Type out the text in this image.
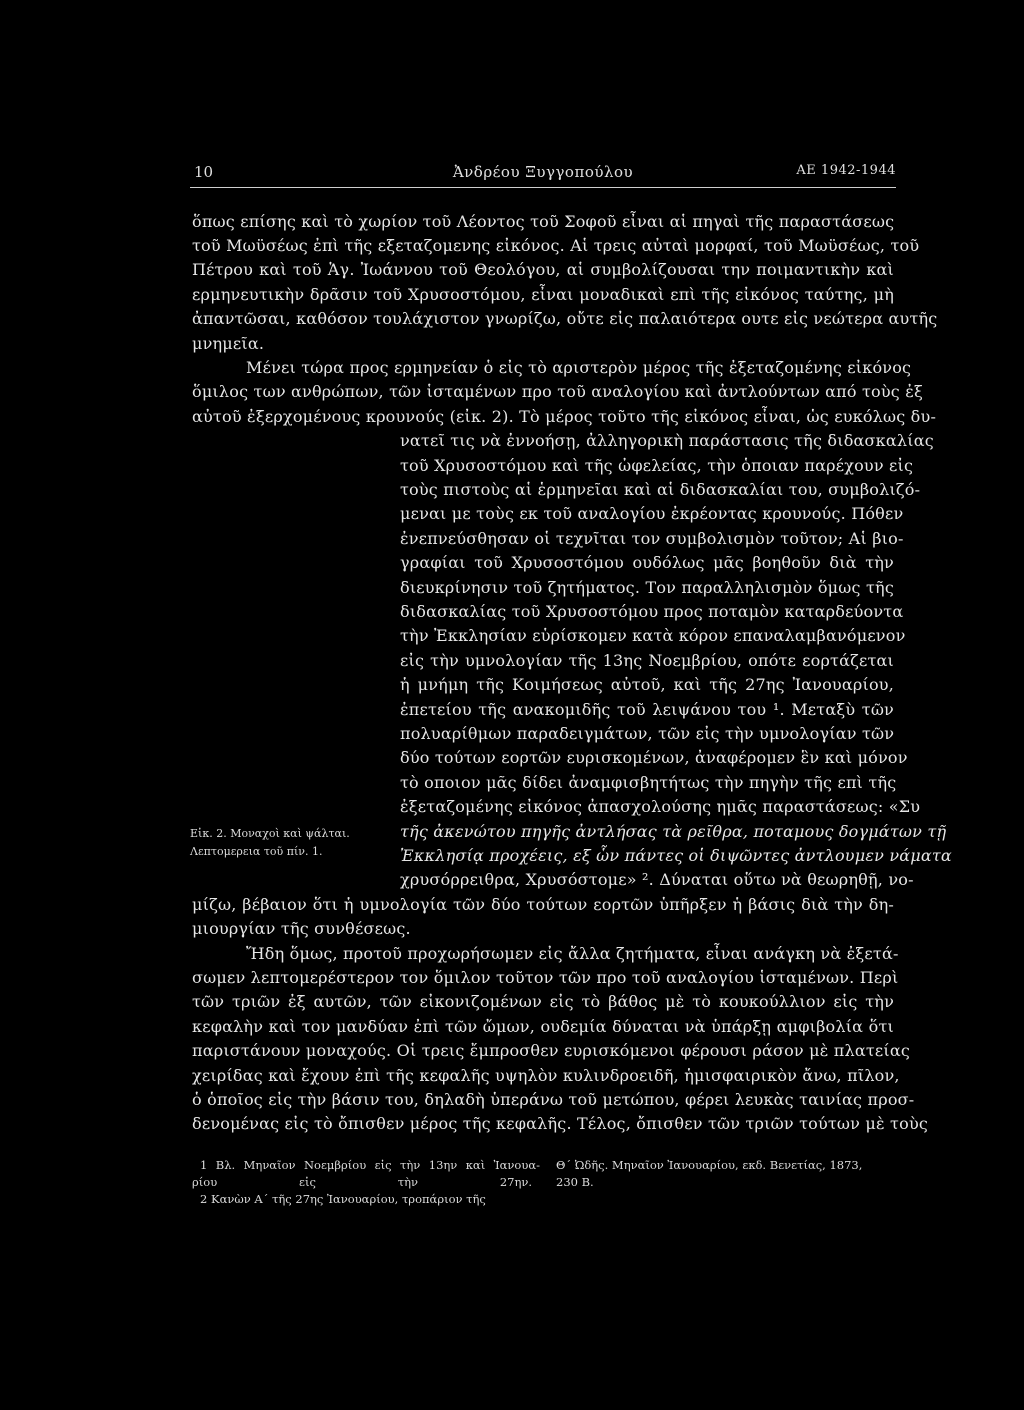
Ἀνδρέου Ξυγγοπούλου
10	ΑΕ 1942-1944
ὅπως επίσης καὶ τὸ χωρίον τοῦ Λέοντος τοῦ Σοφοῦ εἶναι αἱ πηγαὶ τῆς παραστάσεως
τοῦ Μωϋσέως ἐπὶ τῆς εξεταζομενης εἰκόνος. Αἱ τρεις αὐταὶ μορφαί, τοῦ Μωϋσέως, τοῦ
Πέτρου καὶ τοῦ Ἁγ. Ἰωάννου τοῦ Θεολόγου, αἱ συμβολίζουσαι την ποιμαντικὴν καὶ
ερμηνευτικὴν δρᾶσιν τοῦ Χρυσοστόμου, εἶναι μοναδικαὶ επὶ τῆς εἰκόνος ταύτης, μὴ
ἀπαντῶσαι, καθόσον τουλάχιστον γνωρίζω, οὔτε εἰς παλαιότερα ουτε εἰς νεώτερα αυτῆς
μνημεῖα.
Μένει τώρα προς ερμηνείαν ὁ εἰς τὸ αριστερὸν μέρος τῆς ἐξεταζομένης εἰκόνος
ὅμιλος των ανθρώπων, τῶν ἱσταμένων προ τοῦ αναλογίου καὶ ἀντλούντων από τοὺς ἐξ
αὐτοῦ ἐξερχομένους κρουνούς (εἰκ. 2). Τὸ μέρος τοῦτο τῆς εἰκόνος εἶναι, ὡς ευκόλως δυ-
νατεῖ τις νὰ ἐννοήσῃ, ἀλληγορικὴ παράστασις τῆς διδασκαλίας
τοῦ Χρυσοστόμου καὶ τῆς ὠφελείας, τὴν ὁποιαν παρέχουν εἰς
τοὺς πιστοὺς αἱ ἑρμηνεῖαι καὶ αἱ διδασκαλίαι του, συμβολιζό-
μεναι με τοὺς εκ τοῦ αναλογίου ἐκρέοντας κρουνούς. Πόθεν
ἐνεπνεύσθησαν οἱ τεχνῖται τον συμβολισμὸν τοῦτον; Αἱ βιο-
γραφίαι τοῦ Χρυσοστόμου ουδόλως μᾶς βοηθοῦν διὰ τὴν
διευκρίνησιν τοῦ ζητήματος. Τον παραλληλισμὸν ὅμως τῆς
διδασκαλίας τοῦ Χρυσοστόμου προς ποταμὸν καταρδεύοντα
τὴν Ἐκκλησίαν εὑρίσκομεν κατὰ κόρον επαναλαμβανόμενον
εἰς τὴν υμνολογίαν τῆς 13ης Νοεμβρίου, οπότε εορτάζεται
ἡ μνήμη τῆς Κοιμήσεως αὐτοῦ, καὶ τῆς 27ης Ἰανουαρίου,
ἐπετείου τῆς ανακομιδῆς τοῦ λειψάνου του ¹. Μεταξὺ τῶν
πολυαρίθμων παραδειγμάτων, τῶν εἰς τὴν υμνολογίαν τῶν
δύο τούτων εορτῶν ευρισκομένων, ἀναφέρομεν ἓν καὶ μόνον
τὸ οποιον μᾶς δίδει ἀναμφισβητήτως τὴν πηγὴν τῆς επὶ τῆς
ἐξεταζομένης εἰκόνος ἀπασχολούσης ημᾶς παραστάσεως: «Συ
τῆς ἀκενώτου πηγῆς ἀντλήσας τὰ ρεῖθρα, ποταμους δογμάτων τῇ
Ἐκκλησίᾳ προχέεις, εξ ὧν πάντες οἱ διψῶντες ἀντλουμεν νάματα
χρυσόρρειθρα, Χρυσόστομε» ². Δύναται οὕτω νὰ θεωρηθῇ, νο-
Εἰκ. 2. Μοναχοὶ καὶ ψάλται.
Λεπτομερεια τοῦ πίν. 1.
μίζω, βέβαιον ὅτι ἡ υμνολογία τῶν δύο τούτων εορτῶν ὑπῆρξεν ἡ βάσις διὰ τὴν δη-
μιουργίαν τῆς συνθέσεως.
Ἤδη ὅμως, προτοῦ προχωρήσωμεν εἰς ἄλλα ζητήματα, εἶναι ανάγκη νὰ ἐξετά-
σωμεν λεπτομερέστερον τον ὅμιλον τοῦτον τῶν προ τοῦ αναλογίου ἱσταμένων. Περὶ
τῶν τριῶν ἐξ αυτῶν, τῶν εἰκονιζομένων εἰς τὸ βάθος μὲ τὸ κουκούλλιον εἰς τὴν
κεφαλὴν καὶ τον μανδύαν ἐπὶ τῶν ὤμων, ουδεμία δύναται νὰ ὑπάρξῃ αμφιβολία ὅτι
παριστάνουν μοναχούς. Οἱ τρεις ἔμπροσθεν ευρισκόμενοι φέρουσι ράσον μὲ πλατείας
χειρίδας καὶ ἔχουν ἐπὶ τῆς κεφαλῆς υψηλὸν κυλινδροειδῆ, ἡμισφαιρικὸν ἄνω, πῖλον,
ὁ ὁποῖος εἰς τὴν βάσιν του, δηλαδὴ ὑπεράνω τοῦ μετώπου, φέρει λευκὰς ταινίας προσ-
δενομένας εἰς τὸ ὄπισθεν μέρος τῆς κεφαλῆς. Τέλος, ὄπισθεν τῶν τριῶν τούτων μὲ τοὺς
1 Βλ. Μηναῖον Νοεμβρίου εἰς τὴν 13ην καὶ Ἰανουα-
ρίου εἰς τὴν 27ην.
2 Κανὼν Α΄ τῆς 27ης Ἰανουαρίου, τροπάριον τῆς
Θ΄ Ὠδῆς. Μηναῖον Ἰανουαρίου, εκδ. Βενετίας, 1873,
230 Β.
